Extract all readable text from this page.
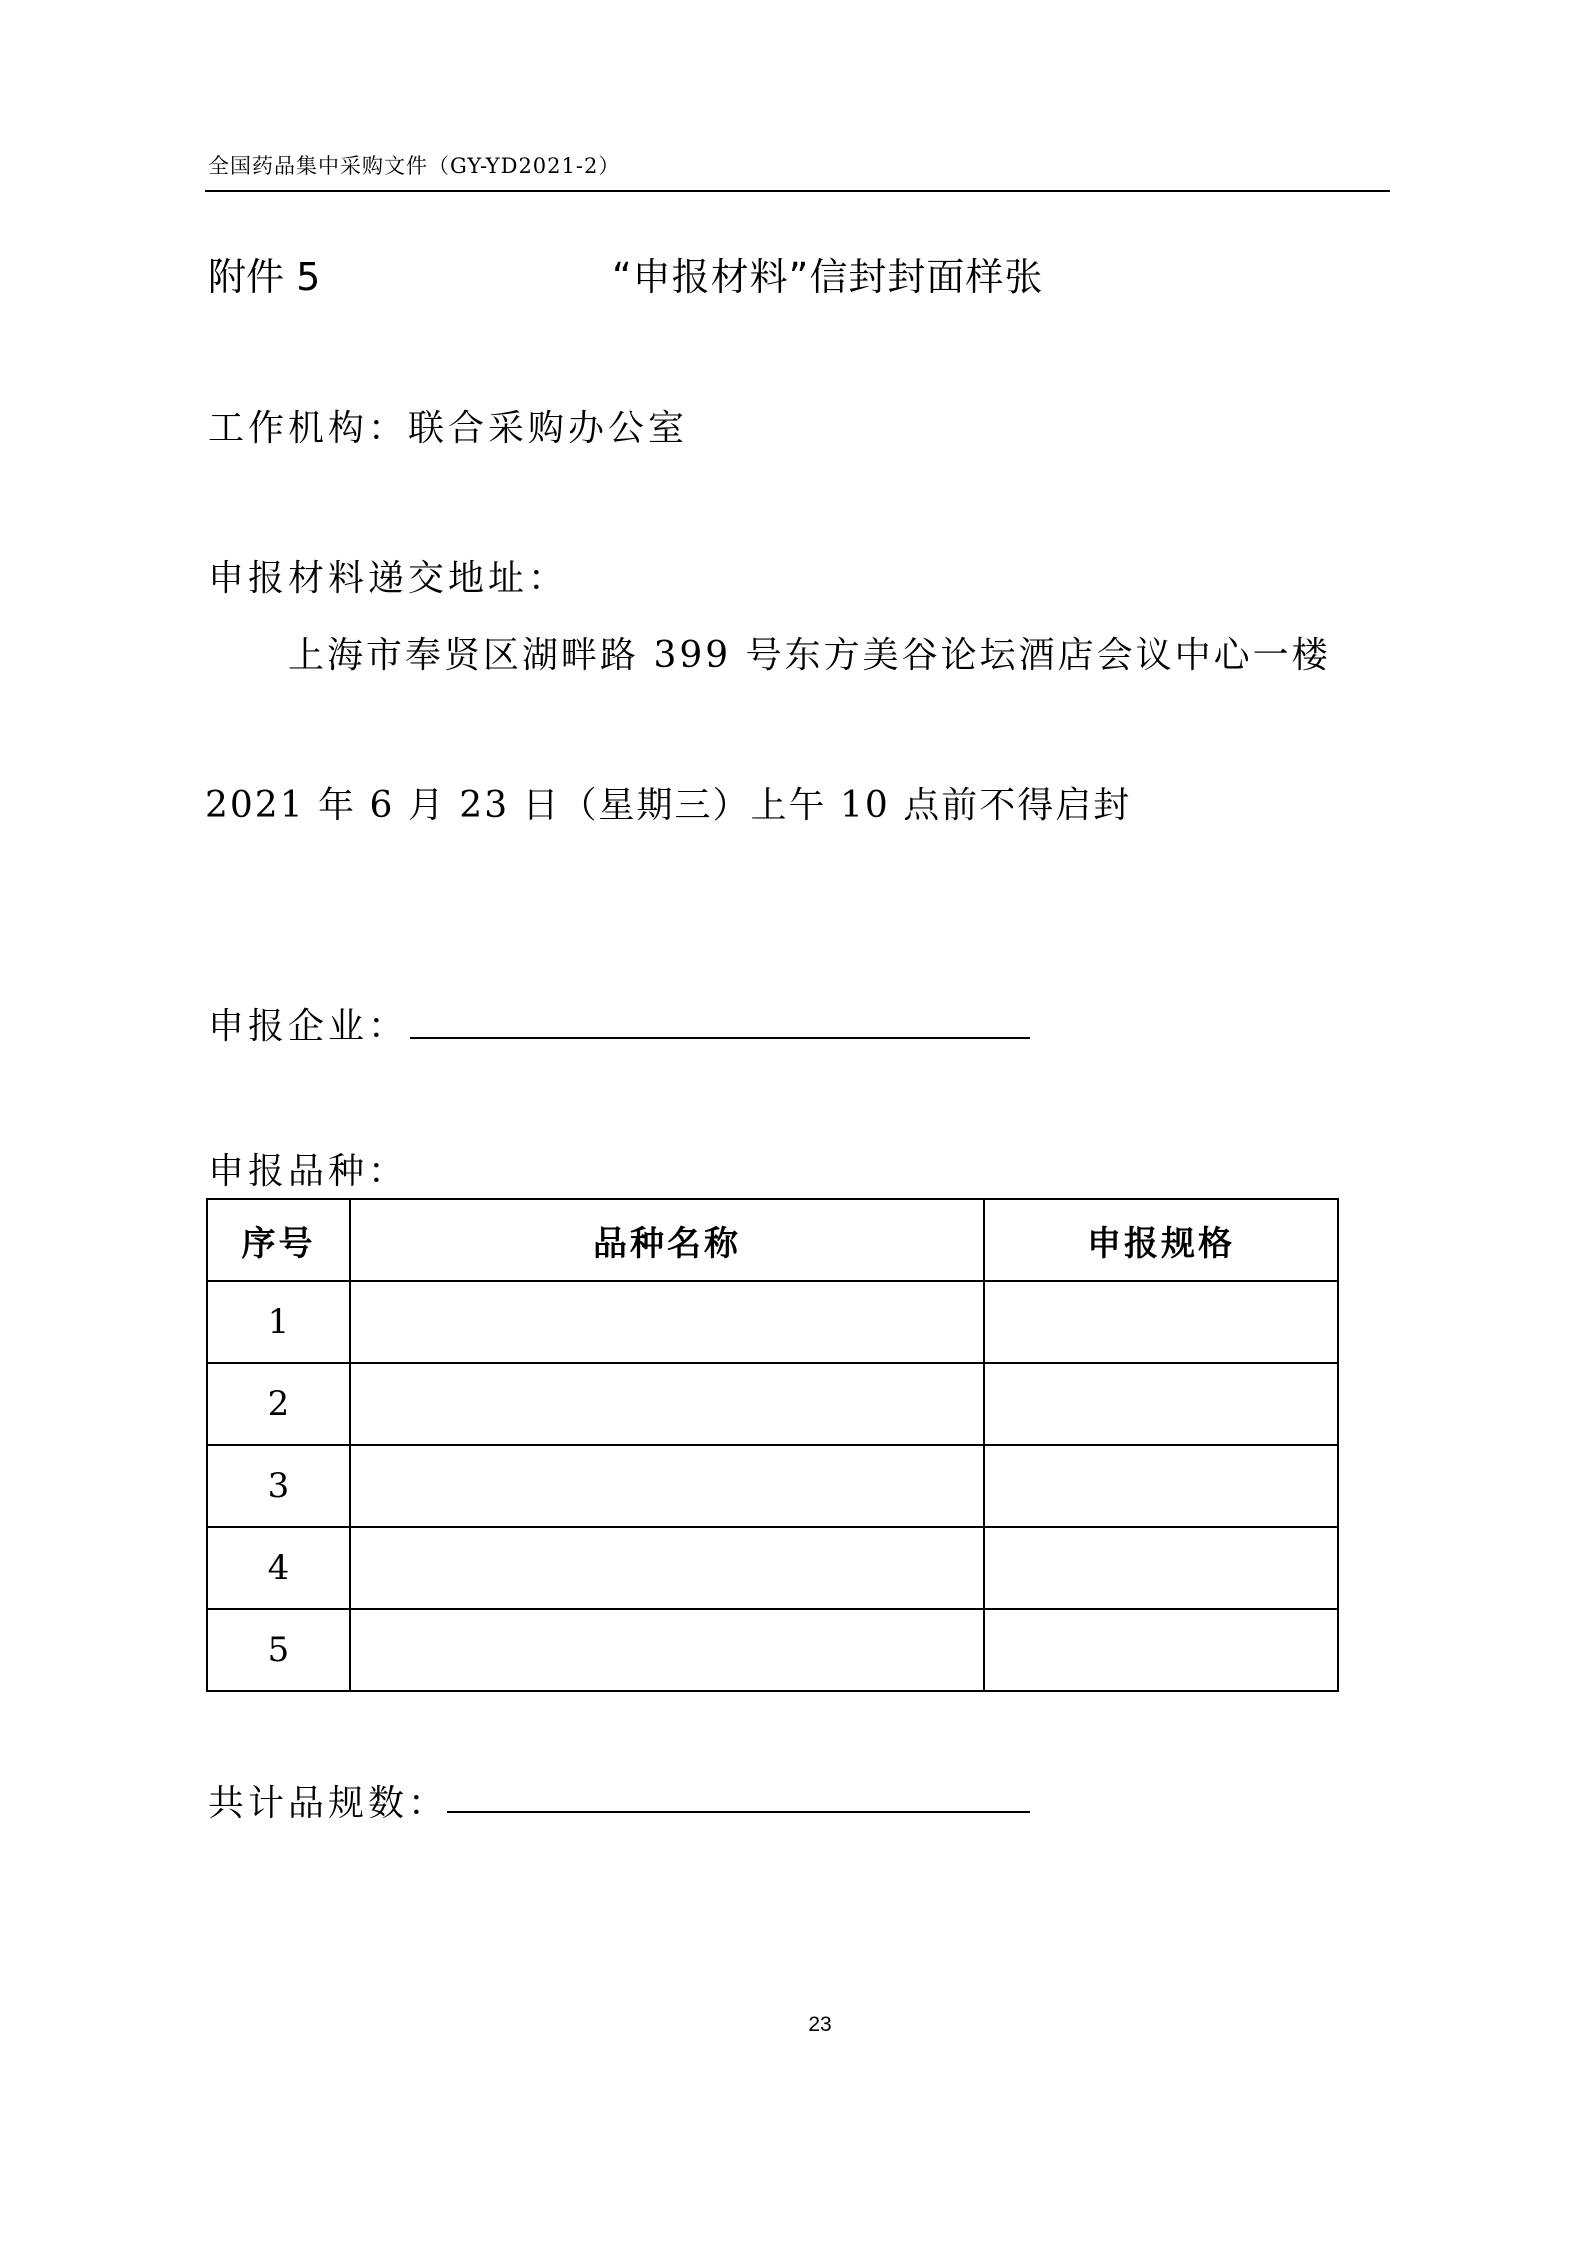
全国药品集中采购文件（GY-YD2021-2）
附件 5	“申报材料”信封封面样张
工作机构：联合采购办公室
申报材料递交地址：
上海市奉贤区湖畔路 399 号东方美谷论坛酒店会议中心一楼
2021 年 6 月 23 日（星期三）上午 10 点前不得启封
申报企业：
申报品种：
序号	品种名称	申报规格
1		
2		
3		
4		
5		
共计品规数：
23
